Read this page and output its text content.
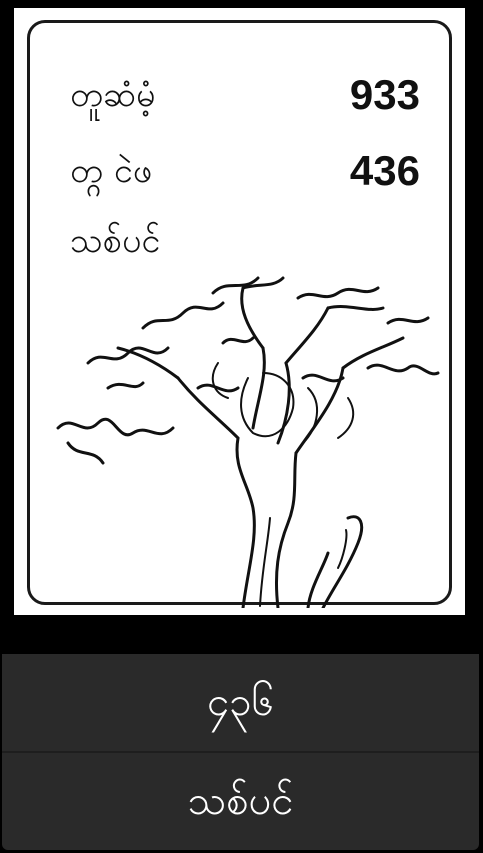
တူဆံမံ့	933
တ္ဂ ငဲဖ	436
သစ်ပင်
၄၃၆
သစ်ပင်
